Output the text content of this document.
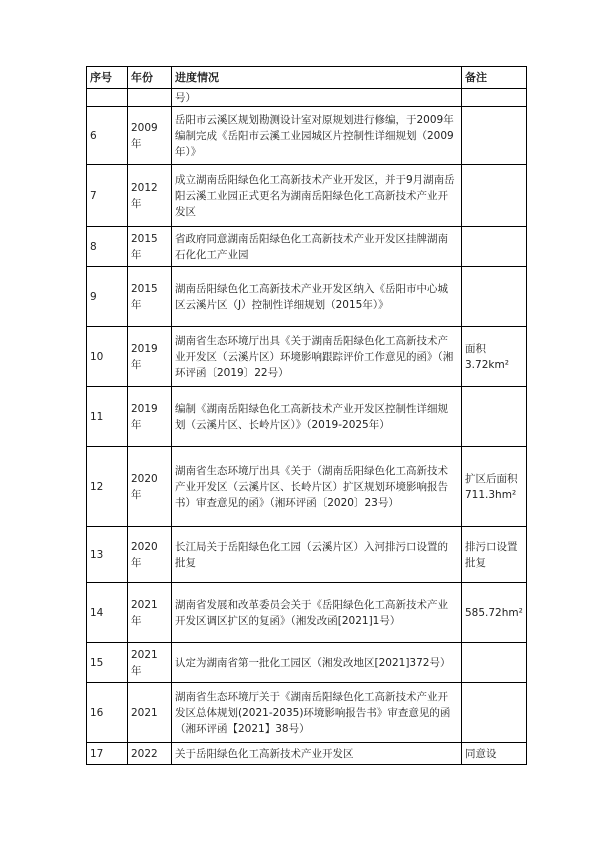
序号	年份	进度情况	备注
		号）	
6	2009年	岳阳市云溪区规划勘测设计室对原规划进行修编，于2009年编制完成《岳阳市云溪工业园城区片控制性详细规划（2009年）》	
7	2012年	成立湖南岳阳绿色化工高新技术产业开发区，并于9月湖南岳阳云溪工业园正式更名为湖南岳阳绿色化工高新技术产业开发区	
8	2015年	省政府同意湖南岳阳绿色化工高新技术产业开发区挂牌湖南石化化工产业园	
9	2015年	湖南岳阳绿色化工高新技术产业开发区纳入《岳阳市中心城区云溪片区（J）控制性详细规划（2015年）》	
10	2019年	湖南省生态环境厅出具《关于湖南岳阳绿色化工高新技术产业开发区（云溪片区）环境影响跟踪评价工作意见的函》（湘环评函〔2019〕22号）	面积3.72km²
11	2019年	编制《湖南岳阳绿色化工高新技术产业开发区控制性详细规划（云溪片区、长岭片区）》（2019-2025年）	
12	2020年	湖南省生态环境厅出具《关于（湖南岳阳绿色化工高新技术产业开发区（云溪片区、长岭片区）扩区规划环境影响报告书）审查意见的函》（湘环评函〔2020〕23号）	扩区后面积711.3hm²
13	2020年	长江局关于岳阳绿色化工园（云溪片区）入河排污口设置的批复	排污口设置批复
14	2021年	湖南省发展和改革委员会关于《岳阳绿色化工高新技术产业开发区调区扩区的复函》（湘发改函[2021]1号）	585.72hm²
15	2021年	认定为湖南省第一批化工园区（湘发改地区[2021]372号）	
16	2021	湖南省生态环境厅关于《湖南岳阳绿色化工高新技术产业开发区总体规划(2021-2035)环境影响报告书》审查意见的函（湘环评函【2021】38号）	
17	2022	关于岳阳绿色化工高新技术产业开发区	同意设
